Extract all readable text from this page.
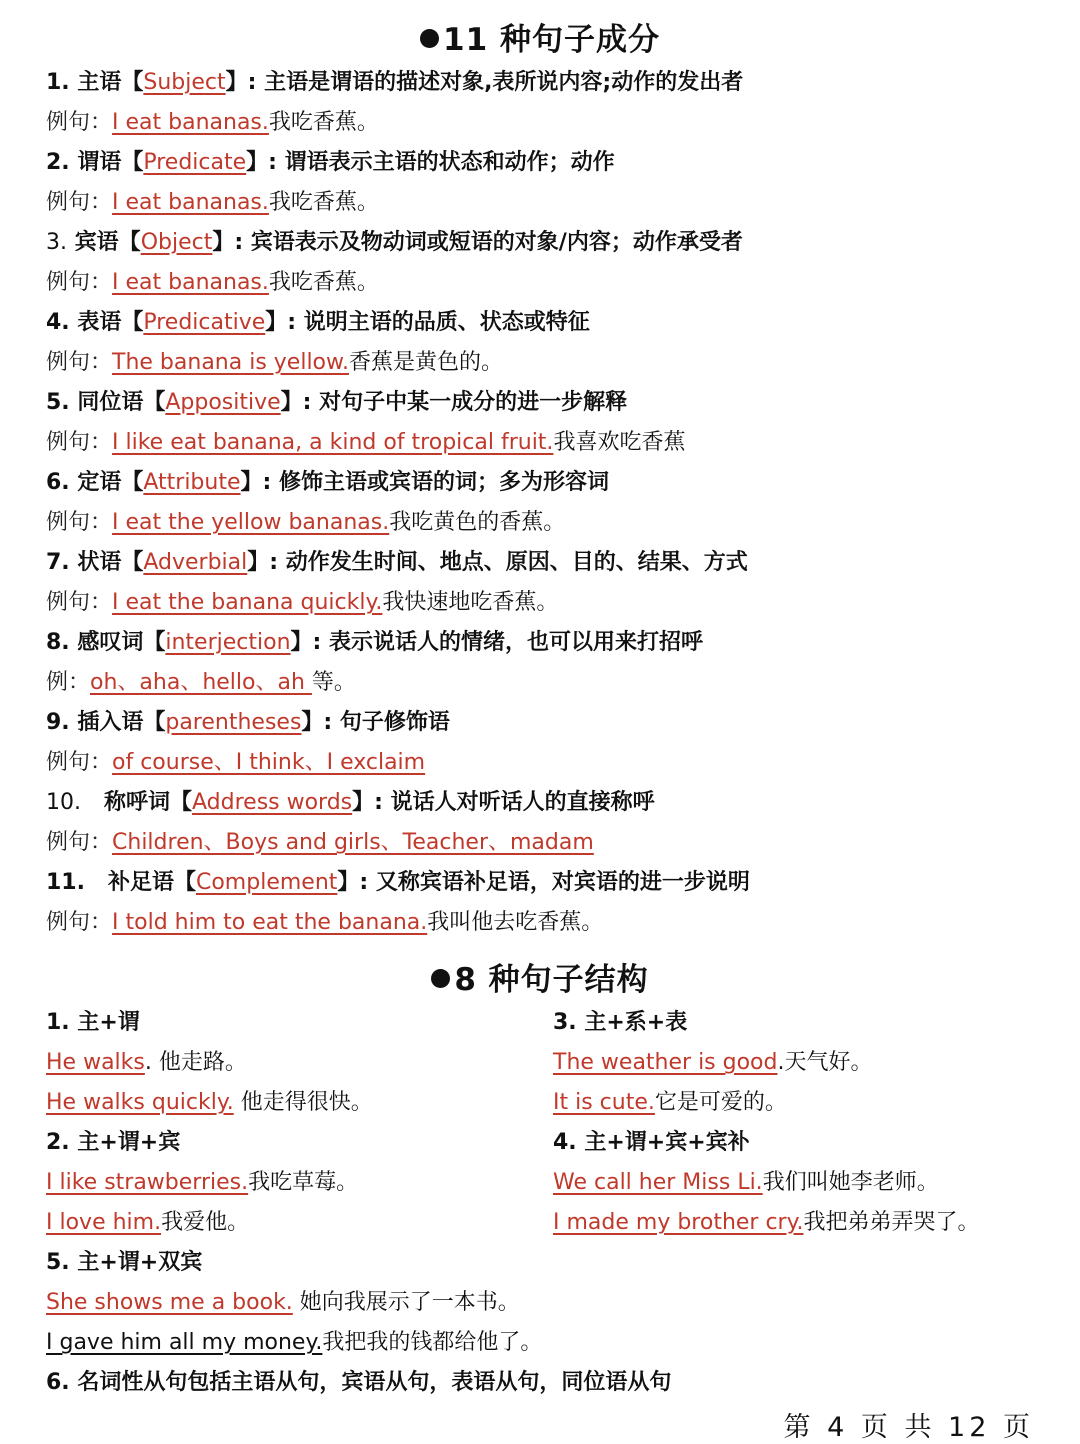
11 种句子成分
1. 主语【Subject】: 主语是谓语的描述对象,表所说内容;动作的发出者
例句：I eat bananas.我吃香蕉。
2. 谓语【Predicate】: 谓语表示主语的状态和动作；动作
例句：I eat bananas.我吃香蕉。
3. 宾语【Object】: 宾语表示及物动词或短语的对象/内容；动作承受者
例句：I eat bananas.我吃香蕉。
4. 表语【Predicative】: 说明主语的品质、状态或特征
例句：The banana is yellow.香蕉是黄色的。
5. 同位语【Appositive】: 对句子中某一成分的进一步解释
例句：I like eat banana, a kind of tropical fruit.我喜欢吃香蕉
6. 定语【Attribute】: 修饰主语或宾语的词；多为形容词
例句：I eat the yellow bananas.我吃黄色的香蕉。
7. 状语【Adverbial】: 动作发生时间、地点、原因、目的、结果、方式
例句：I eat the banana quickly.我快速地吃香蕉。
8. 感叹词【interjection】: 表示说话人的情绪，也可以用来打招呼
例：oh、aha、hello、ah 等。
9. 插入语【parentheses】: 句子修饰语
例句：of course、I think、I exclaim
10. 称呼词【Address words】: 说话人对听话人的直接称呼
例句：Children、Boys and girls、Teacher、madam
11. 补足语【Complement】: 又称宾语补足语，对宾语的进一步说明
例句：I told him to eat the banana.我叫他去吃香蕉。
8 种句子结构
1. 主+谓
He walks. 他走路。
He walks quickly. 他走得很快。
2. 主+谓+宾
I like strawberries.我吃草莓。
I love him.我爱他。
3. 主+系+表
The weather is good.天气好。
It is cute.它是可爱的。
4. 主+谓+宾+宾补
We call her Miss Li.我们叫她李老师。
I made my brother cry.我把弟弟弄哭了。
5. 主+谓+双宾
She shows me a book. 她向我展示了一本书。
I gave him all my money.我把我的钱都给他了。
6. 名词性从句包括主语从句，宾语从句，表语从句，同位语从句
第 4 页 共 12 页
